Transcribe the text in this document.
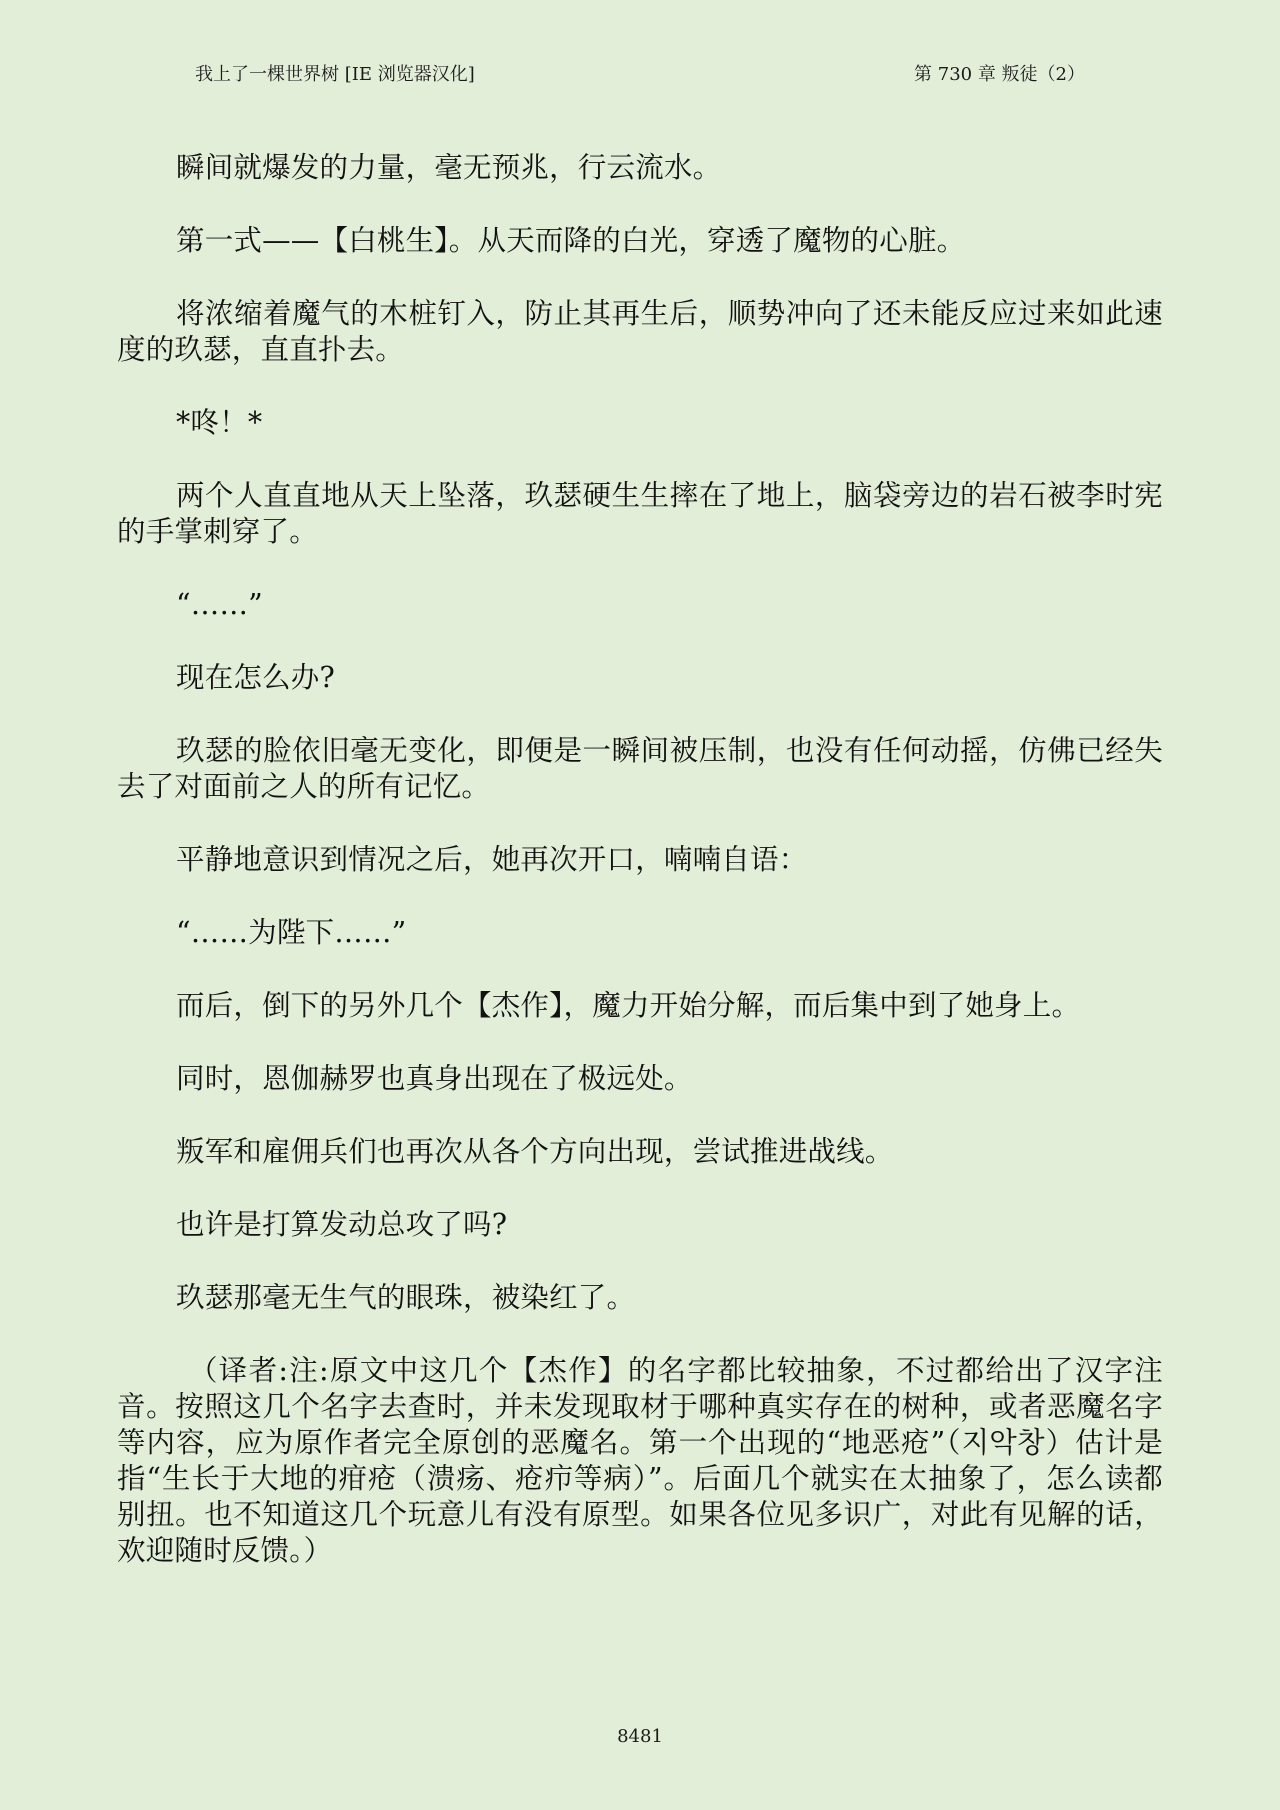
我上了一棵世界树 [IE 浏览器汉化]	第 730 章 叛徒（2）

瞬间就爆发的力量，毫无预兆，行云流水。

第一式——【白桃生】。从天而降的白光，穿透了魔物的心脏。

将浓缩着魔气的木桩钉入，防止其再生后，顺势冲向了还未能反应过来如此速度的玖瑟，直直扑去。

*咚！*

两个人直直地从天上坠落，玖瑟硬生生摔在了地上，脑袋旁边的岩石被李时宪的手掌刺穿了。

“……”

现在怎么办?

玖瑟的脸依旧毫无变化，即便是一瞬间被压制，也没有任何动摇，仿佛已经失去了对面前之人的所有记忆。

平静地意识到情况之后，她再次开口，喃喃自语：

“……为陛下……”

而后，倒下的另外几个【杰作】，魔力开始分解，而后集中到了她身上。

同时，恩伽赫罗也真身出现在了极远处。

叛军和雇佣兵们也再次从各个方向出现，尝试推进战线。

也许是打算发动总攻了吗?

玖瑟那毫无生气的眼珠，被染红了。

（译者:注:原文中这几个【杰作】的名字都比较抽象，不过都给出了汉字注音。按照这几个名字去查时，并未发现取材于哪种真实存在的树种，或者恶魔名字等内容，应为原作者完全原创的恶魔名。第一个出现的“地恶疮”（지악창）估计是指“生长于大地的疳疮（溃疡、疮疖等病）”。后面几个就实在太抽象了，怎么读都别扭。也不知道这几个玩意儿有没有原型。如果各位见多识广，对此有见解的话，欢迎随时反馈。）

8481
